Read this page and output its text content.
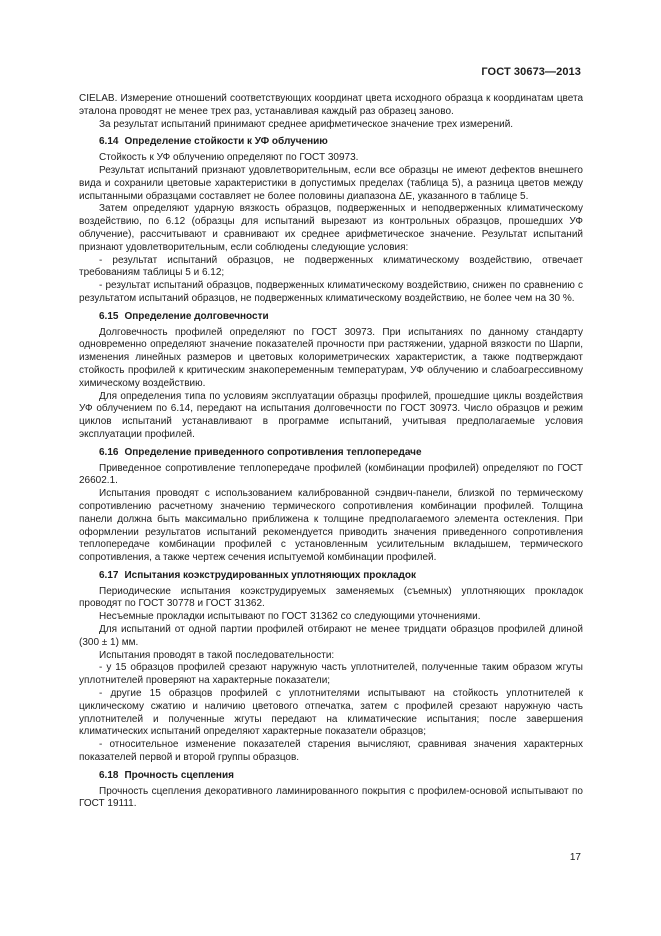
ГОСТ 30673—2013

CIELAB. Измерение отношений соответствующих координат цвета исходного образца к координатам цвета эталона проводят не менее трех раз, устанавливая каждый раз образец заново.

За результат испытаний принимают среднее арифметическое значение трех измерений.

6.14 Определение стойкости к УФ облучению

Стойкость к УФ облучению определяют по ГОСТ 30973.

Результат испытаний признают удовлетворительным, если все образцы не имеют дефектов внешнего вида и сохранили цветовые характеристики в допустимых пределах (таблица 5), а разница цветов между испытанными образцами составляет не более половины диапазона ΔE, указанного в таблице 5.

Затем определяют ударную вязкость образцов, подверженных и неподверженных климатическому воздействию, по 6.12 (образцы для испытаний вырезают из контрольных образцов, прошедших УФ облучение), рассчитывают и сравнивают их среднее арифметическое значение. Результат испытаний признают удовлетворительным, если соблюдены следующие условия:

- результат испытаний образцов, не подверженных климатическому воздействию, отвечает требованиям таблицы 5 и 6.12;

- результат испытаний образцов, подверженных климатическому воздействию, снижен по сравнению с результатом испытаний образцов, не подверженных климатическому воздействию, не более чем на 30 %.

6.15 Определение долговечности

Долговечность профилей определяют по ГОСТ 30973. При испытаниях по данному стандарту одновременно определяют значение показателей прочности при растяжении, ударной вязкости по Шарпи, изменения линейных размеров и цветовых колориметрических характеристик, а также подтверждают стойкость профилей к критическим знакопеременным температурам, УФ облучению и слабоагрессивному химическому воздействию.

Для определения типа по условиям эксплуатации образцы профилей, прошедшие циклы воздействия УФ облучением по 6.14, передают на испытания долговечности по ГОСТ 30973. Число образцов и режим циклов испытаний устанавливают в программе испытаний, учитывая предполагаемые условия эксплуатации профилей.

6.16 Определение приведенного сопротивления теплопередаче

Приведенное сопротивление теплопередаче профилей (комбинации профилей) определяют по ГОСТ 26602.1.

Испытания проводят с использованием калиброванной сэндвич-панели, близкой по термическому сопротивлению расчетному значению термического сопротивления комбинации профилей. Толщина панели должна быть максимально приближена к толщине предполагаемого элемента остекления. При оформлении результатов испытаний рекомендуется приводить значения приведенного сопротивления теплопередаче комбинации профилей с установленным усилительным вкладышем, термического сопротивления, а также чертеж сечения испытуемой комбинации профилей.

6.17 Испытания коэкструдированных уплотняющих прокладок

Периодические испытания коэкструдируемых заменяемых (съемных) уплотняющих прокладок проводят по ГОСТ 30778 и ГОСТ 31362.

Несъемные прокладки испытывают по ГОСТ 31362 со следующими уточнениями.

Для испытаний от одной партии профилей отбирают не менее тридцати образцов профилей длиной (300 ± 1) мм.

Испытания проводят в такой последовательности:

- у 15 образцов профилей срезают наружную часть уплотнителей, полученные таким образом жгуты уплотнителей проверяют на характерные показатели;

- другие 15 образцов профилей с уплотнителями испытывают на стойкость уплотнителей к циклическому сжатию и наличию цветового отпечатка, затем с профилей срезают наружную часть уплотнителей и полученные жгуты передают на климатические испытания; после завершения климатических испытаний определяют характерные показатели образцов;

- относительное изменение показателей старения вычисляют, сравнивая значения характерных показателей первой и второй группы образцов.

6.18 Прочность сцепления

Прочность сцепления декоративного ламинированного покрытия с профилем-основой испытывают по ГОСТ 19111.

17
